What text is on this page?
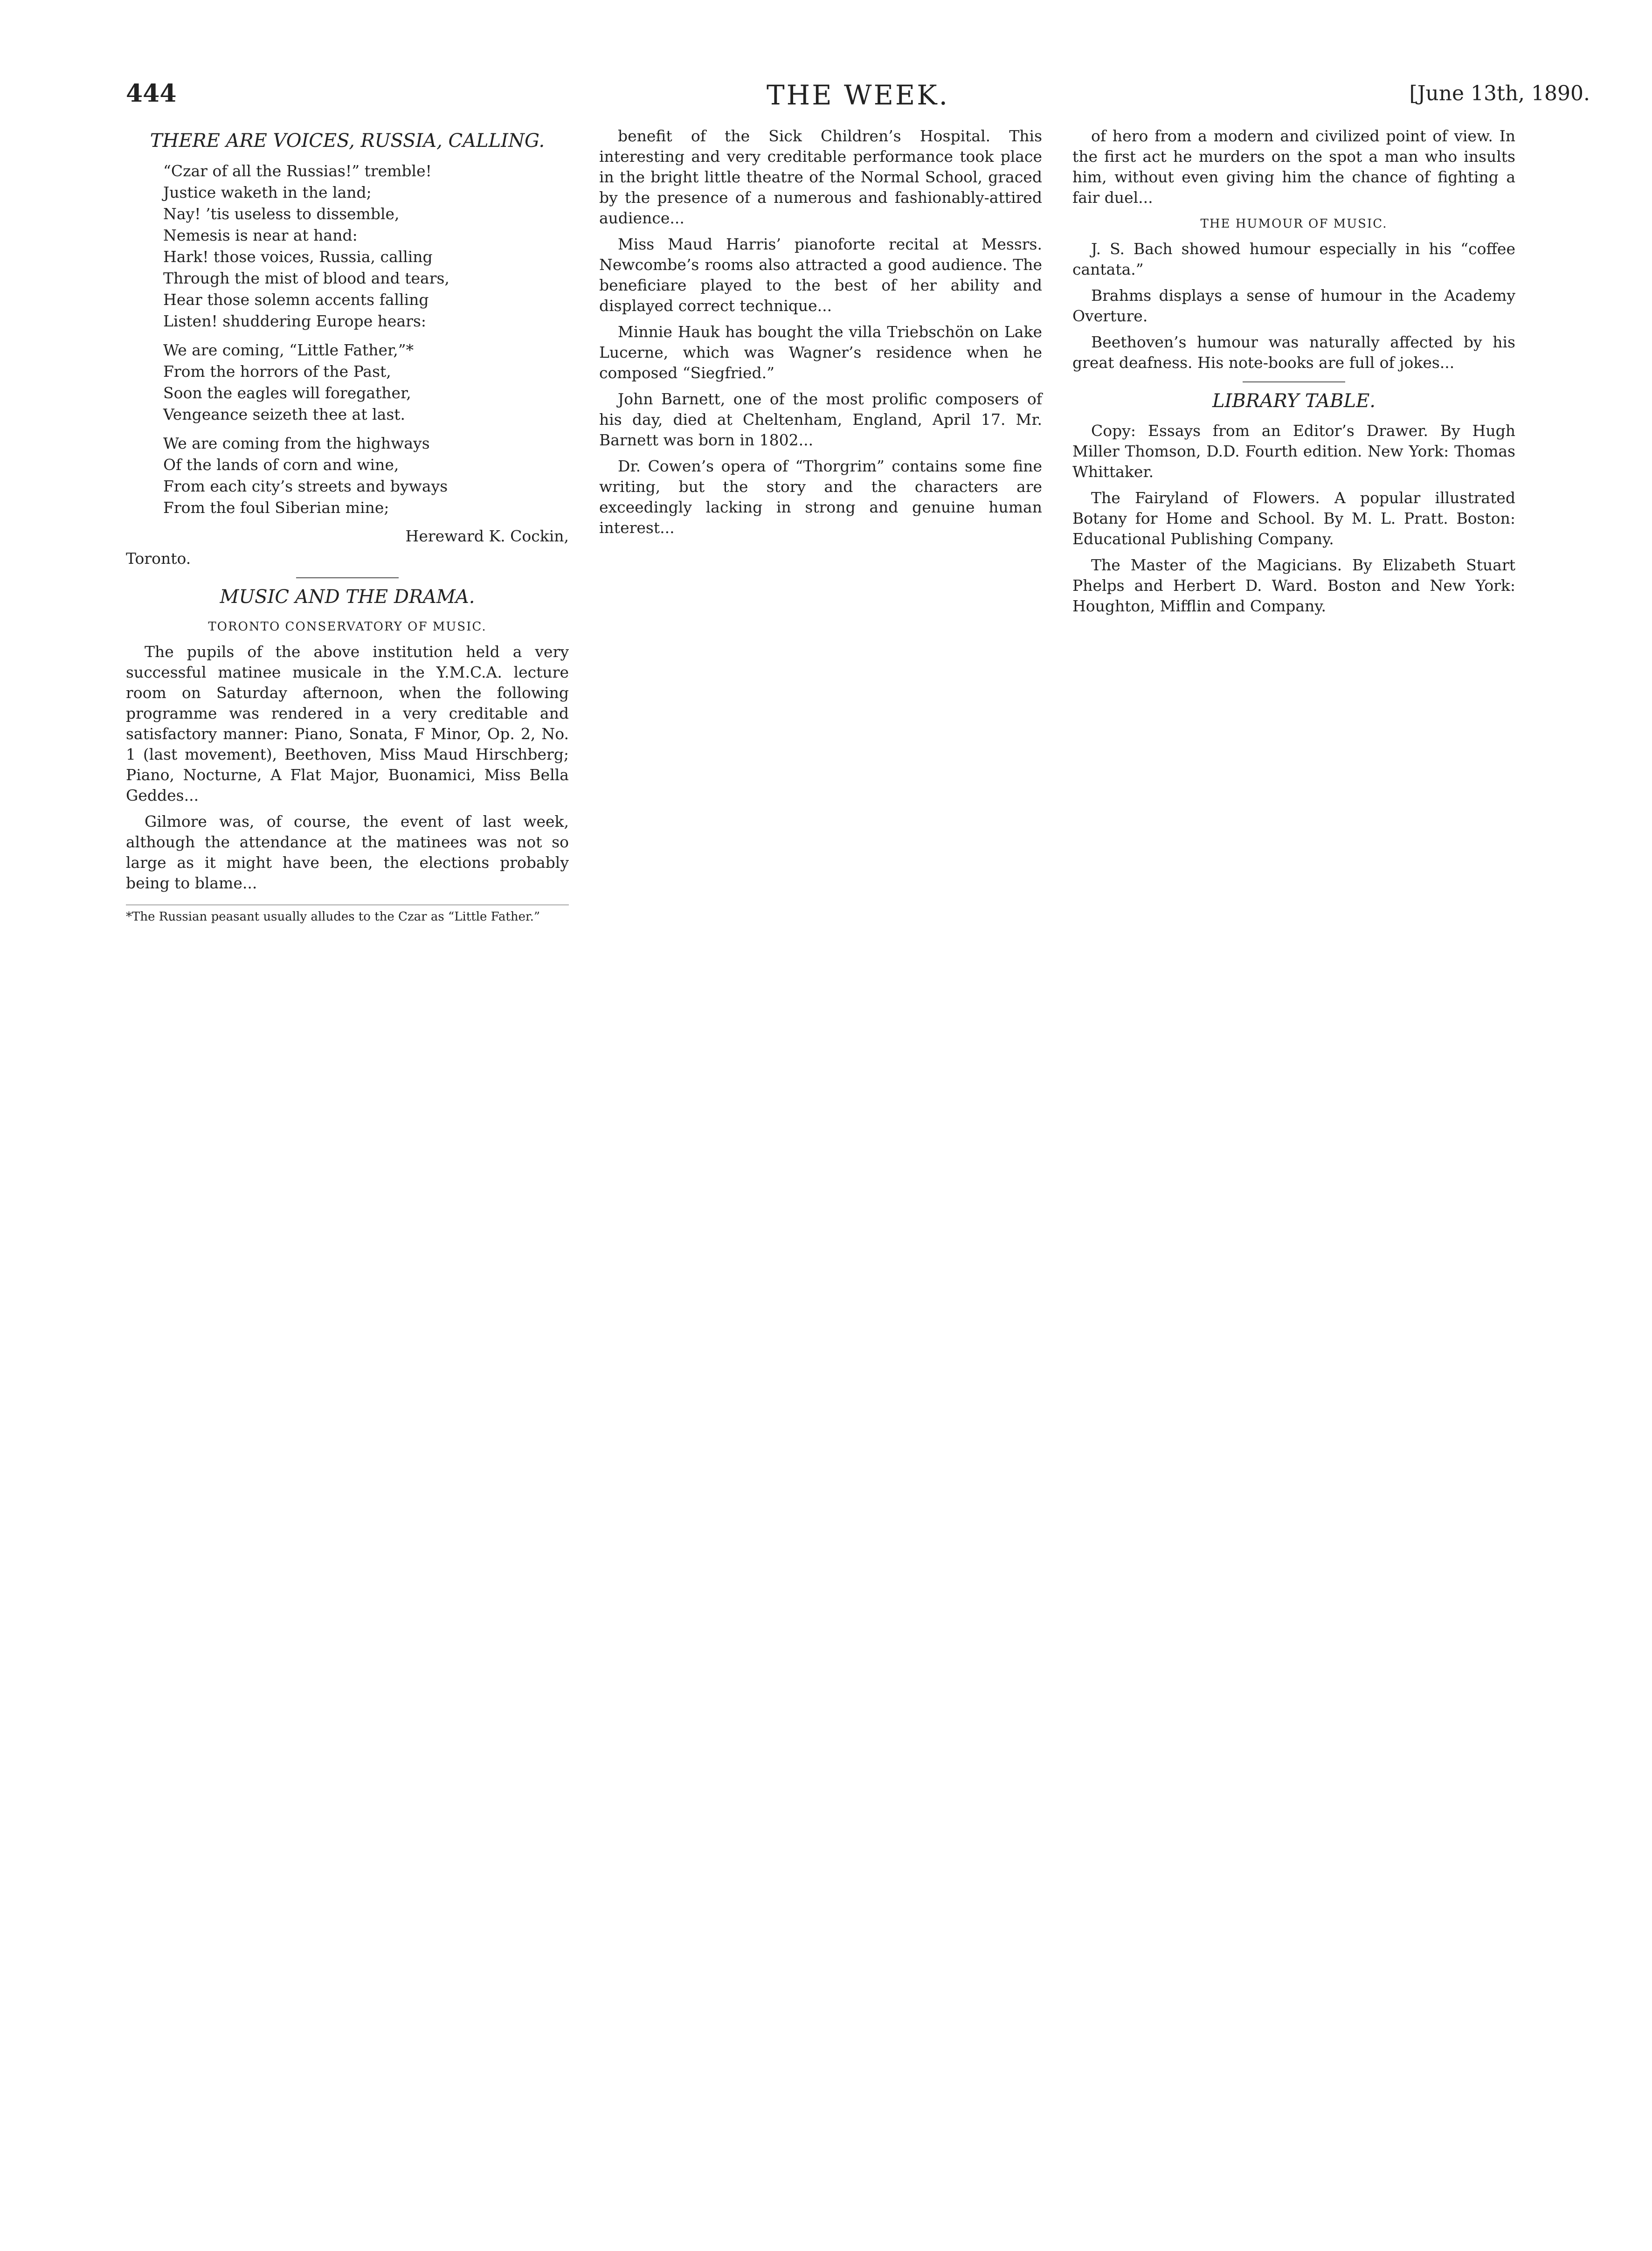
444	THE WEEK.	[June 13th, 1890.
THERE ARE VOICES, RUSSIA, CALLING.
“Czar of all the Russias!” tremble!
Justice waketh in the land;
Nay! ’tis useless to dissemble,
Nemesis is near at hand:
Hark! those voices, Russia, calling
Through the mist of blood and tears,
Hear those solemn accents falling
Listen! shuddering Europe hears:
We are coming, “Little Father,”*
From the horrors of the Past,
Soon the eagles will foregather,
Vengeance seizeth thee at last.
We are coming from the highways
Of the lands of corn and wine,
From each city’s streets and byways
From the foul Siberian mine;
Hereward K. Cockin,
Toronto.
MUSIC AND THE DRAMA.
TORONTO CONSERVATORY OF MUSIC.

The pupils of the above institution held a very successful matinee musicale in the Y.M.C.A. lecture room on Saturday afternoon, when the following programme was rendered in a very creditable and satisfactory manner: Piano, Sonata, F Minor, Op. 2, No. 1 (last movement), Beethoven, Miss Maud Hirschberg; Piano, Nocturne, A Flat Major, Buonamici, Miss Bella Geddes...

Gilmore was, of course, the event of last week, although the attendance at the matinees was not so large as it might have been, the elections probably being to blame...

*The Russian peasant usually alludes to the Czar as “Little Father.”

benefit of the Sick Children’s Hospital. This interesting and very creditable performance took place in the bright little theatre of the Normal School, graced by the presence of a numerous and fashionably-attired audience...

Miss Maud Harris’ pianoforte recital at Messrs. Newcombe’s rooms also attracted a good audience. The beneficiare played to the best of her ability and displayed correct technique...

Minnie Hauk has bought the villa Triebschön on Lake Lucerne, which was Wagner’s residence when he composed “Siegfried.”

John Barnett, one of the most prolific composers of his day, died at Cheltenham, England, April 17. Mr. Barnett was born in 1802...

Dr. Cowen’s opera of “Thorgrim” contains some fine writing, but the story and the characters are exceedingly lacking in strong and genuine human interest...

of hero from a modern and civilized point of view. In the first act he murders on the spot a man who insults him, without even giving him the chance of fighting a fair duel...

THE HUMOUR OF MUSIC.

J. S. Bach showed humour especially in his “coffee cantata.”

Brahms displays a sense of humour in the Academy Overture.

Beethoven’s humour was naturally affected by his great deafness. His note-books are full of jokes...

LIBRARY TABLE.

Copy: Essays from an Editor’s Drawer. By Hugh Miller Thomson, D.D. Fourth edition. New York: Thomas Whittaker.

The Fairyland of Flowers. A popular illustrated Botany for Home and School. By M. L. Pratt. Boston: Educational Publishing Company.

The Master of the Magicians. By Elizabeth Stuart Phelps and Herbert D. Ward. Boston and New York: Houghton, Mifflin and Company.
